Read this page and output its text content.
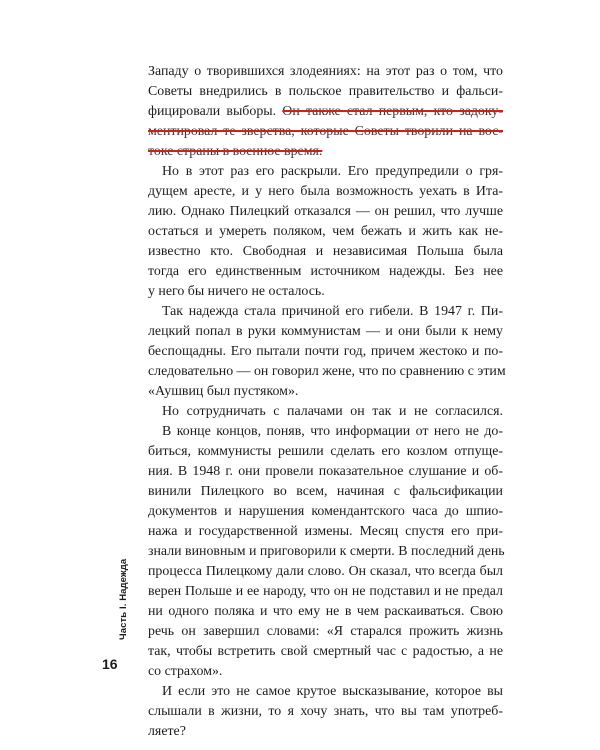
Западу о творившихся злодеяниях: на этот раз о том, что
Советы внедрились в польское правительство и фальси-
фицировали выборы. Он также стал первым, кто задоку-
ментировал те зверства, которые Советы творили на вос-
токе страны в военное время.
Но в этот раз его раскрыли. Его предупредили о гря-
дущем аресте, и у него была возможность уехать в Ита-
лию. Однако Пилецкий отказался — он решил, что лучше
остаться и умереть поляком, чем бежать и жить как не-
известно кто. Свободная и независимая Польша была
тогда его единственным источником надежды. Без нее
у него бы ничего не осталось.
Так надежда стала причиной его гибели. В 1947 г. Пи-
лецкий попал в руки коммунистам — и они были к нему
беспощадны. Его пытали почти год, причем жестоко и по-
следовательно — он говорил жене, что по сравнению с этим
«Аушвиц был пустяком».
Но сотрудничать с палачами он так и не согласился.
В конце концов, поняв, что информации от него не до-
биться, коммунисты решили сделать его козлом отпуще-
ния. В 1948 г. они провели показательное слушание и об-
винили Пилецкого во всем, начиная с фальсификации
документов и нарушения комендантского часа до шпио-
нажа и государственной измены. Месяц спустя его при-
знали виновным и приговорили к смерти. В последний день
процесса Пилецкому дали слово. Он сказал, что всегда был
верен Польше и ее народу, что он не подставил и не предал
ни одного поляка и что ему не в чем раскаиваться. Свою
речь он завершил словами: «Я старался прожить жизнь
так, чтобы встретить свой смертный час с радостью, а не
со страхом».
И если это не самое крутое высказывание, которое вы
слышали в жизни, то я хочу знать, что вы там употреб-
ляете?
Часть I. Надежда
16
